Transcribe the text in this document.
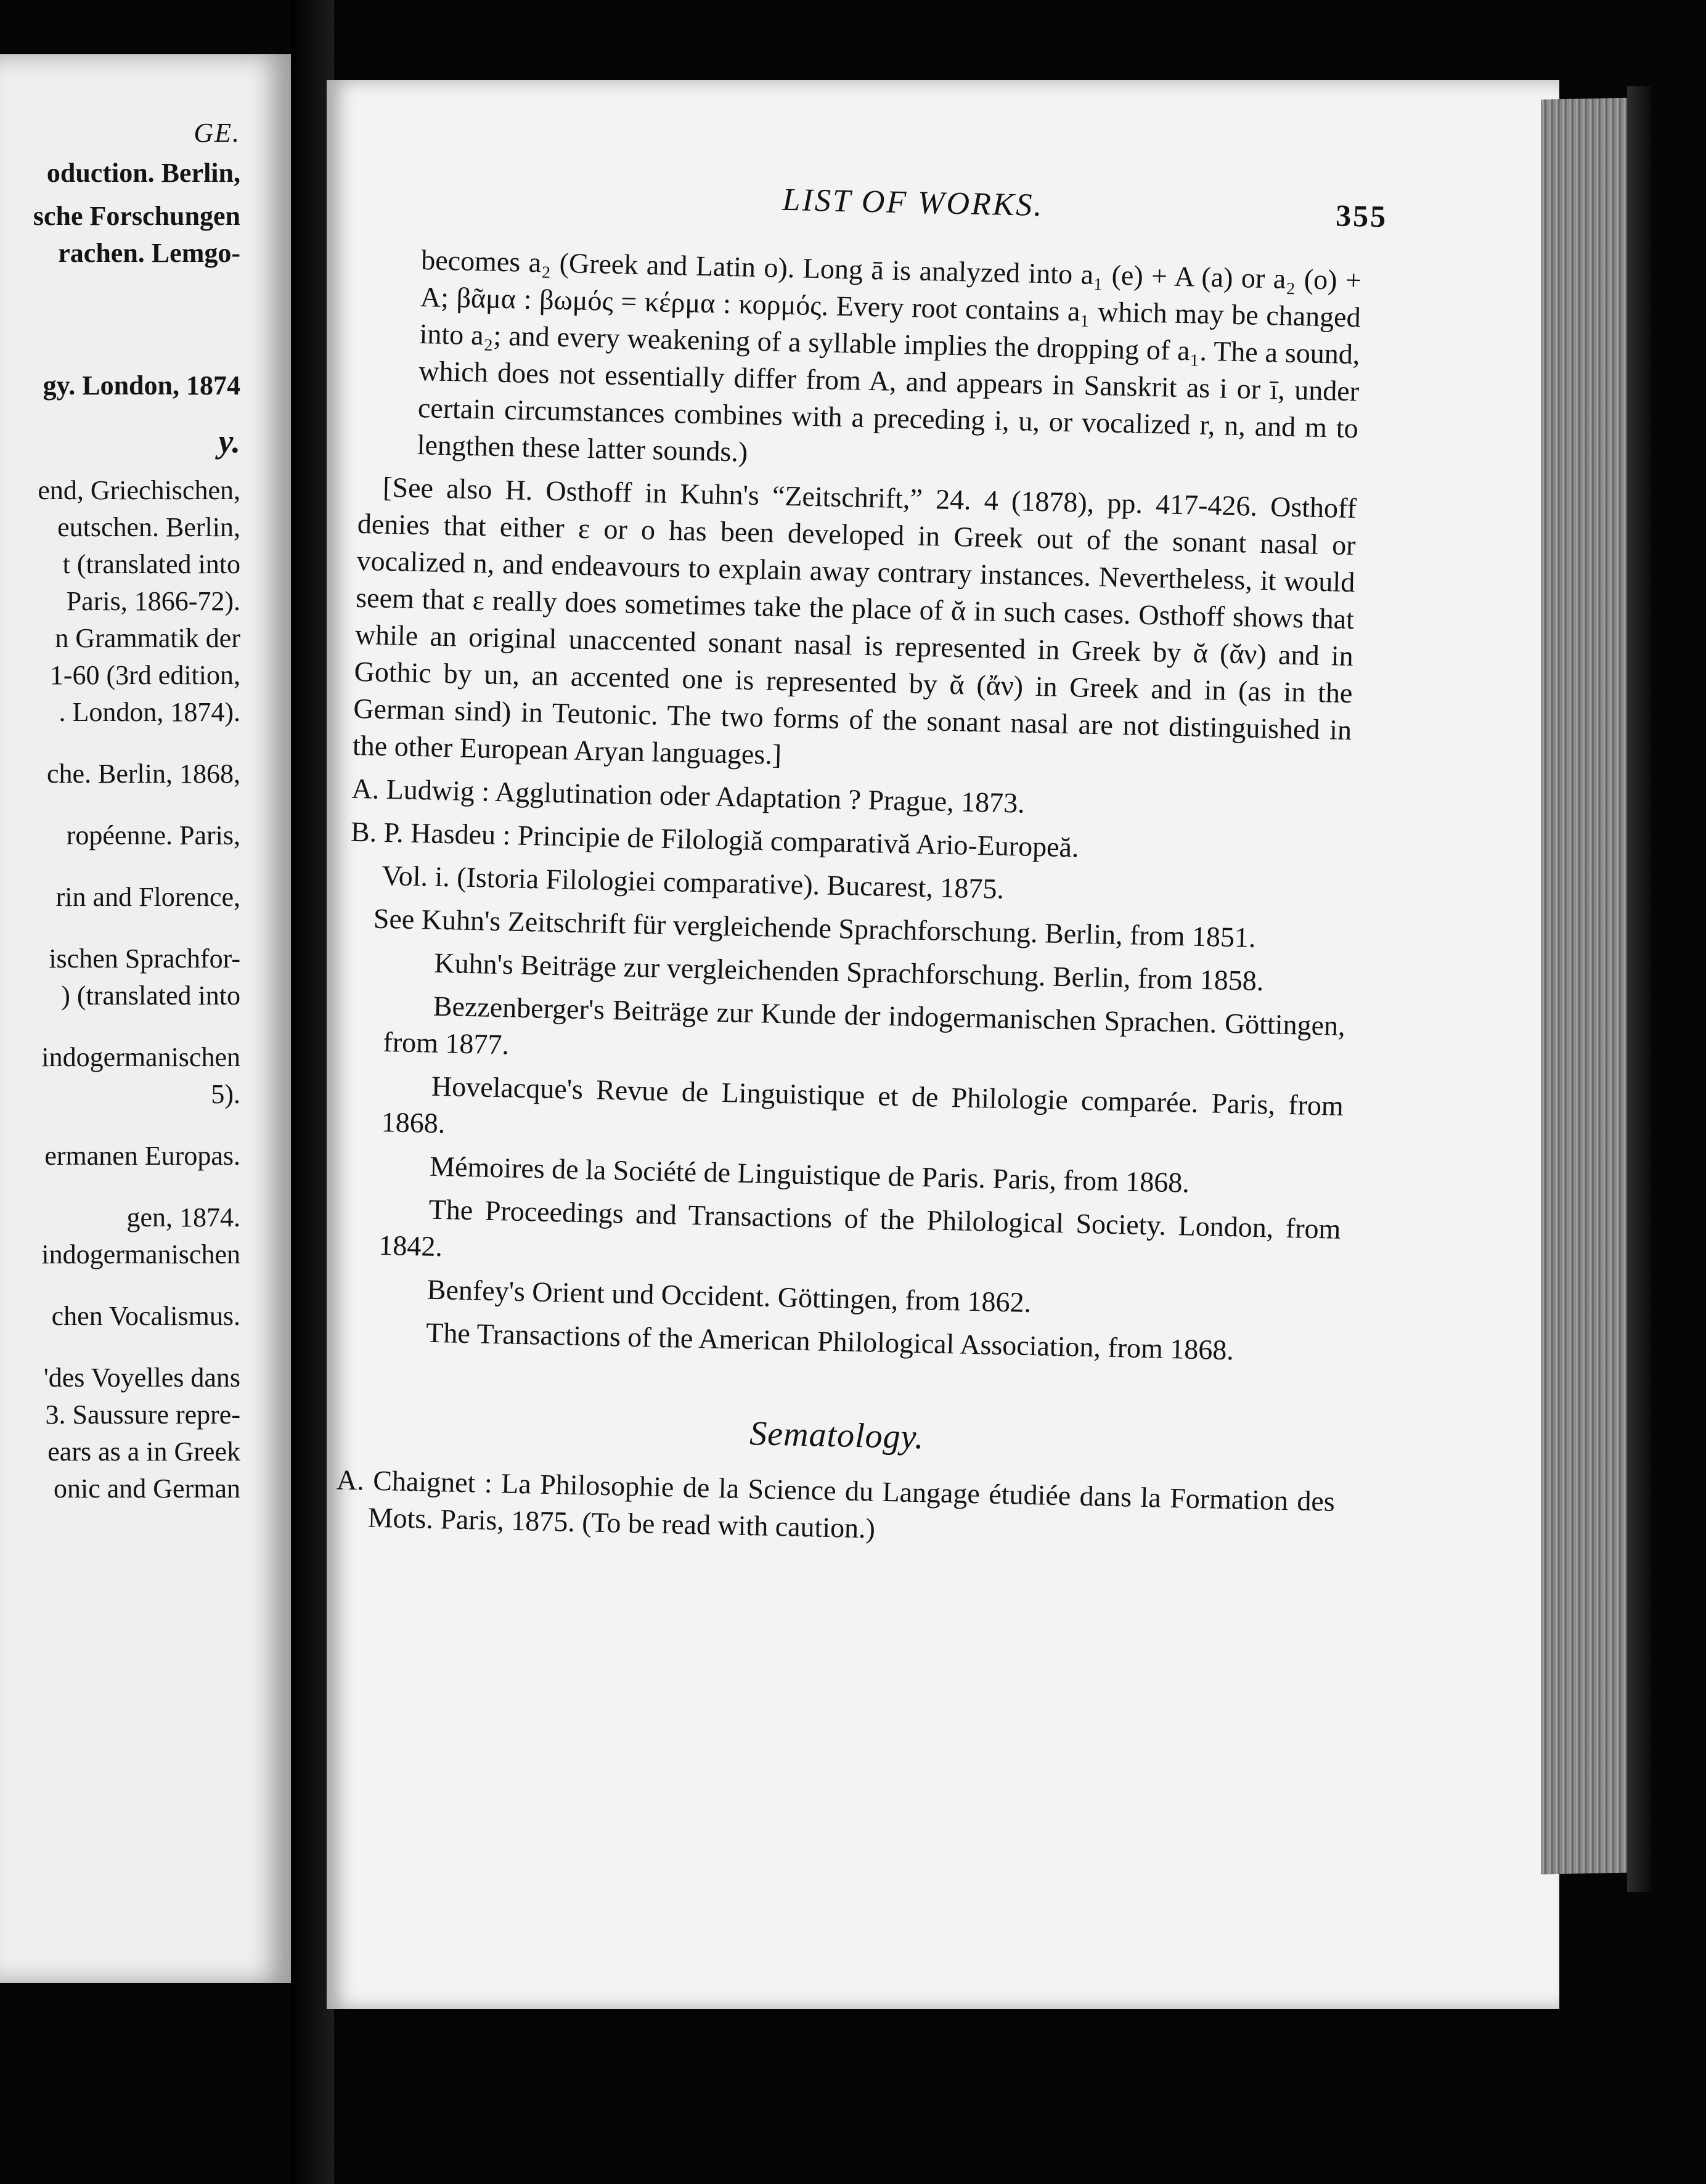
GE.
oduction. Berlin,
sche Forschungen
rachen. Lemgo-
gy. London, 1874
y.
end, Griechischen,
eutschen. Berlin,
t (translated into
Paris, 1866-72).
n Grammatik der
1-60 (3rd edition,
. London, 1874).
che. Berlin, 1868,
ropéenne. Paris,
rin and Florence,
ischen Sprachfor-
) (translated into
indogermanischen
5).
ermanen Europas.
gen, 1874.
indogermanischen
chen Vocalismus.
'des Voyelles dans
3. Saussure repre-
ears as a in Greek
onic and German
LIST OF WORKS.	355

becomes a₂ (Greek and Latin o). Long ā is analyzed into a₁ (e) + A (a) or a₂ (o) + A; βᾶμα : βωμός = κέρμα : κορμός. Every root contains a₁ which may be changed into a₂; and every weakening of a syllable implies the dropping of a₁. The a sound, which does not essentially differ from A, and appears in Sanskrit as i or ī, under certain circumstances combines with a preceding i, u, or vocalized r, n, and m to lengthen these latter sounds.)

[See also H. Osthoff in Kuhn's “Zeitschrift,” 24. 4 (1878), pp. 417-426. Osthoff denies that either ε or ο has been developed in Greek out of the sonant nasal or vocalized n, and endeavours to explain away contrary instances. Nevertheless, it would seem that ε really does sometimes take the place of ᾰ in such cases. Osthoff shows that while an original unaccented sonant nasal is represented in Greek by ᾰ (ᾰν) and in Gothic by un, an accented one is represented by ᾰ (ἄν) in Greek and in (as in the German sind) in Teutonic. The two forms of the sonant nasal are not distinguished in the other European Aryan languages.]

A. Ludwig : Agglutination oder Adaptation ? Prague, 1873.

B. P. Hasdeu : Principie de Filologiă comparativă Ario-Europeă.

Vol. i. (Istoria Filologiei comparative). Bucarest, 1875.

See Kuhn's Zeitschrift für vergleichende Sprachforschung. Berlin, from 1851.

Kuhn's Beiträge zur vergleichenden Sprachforschung. Berlin, from 1858.

Bezzenberger's Beiträge zur Kunde der indogermanischen Sprachen. Göttingen, from 1877.

Hovelacque's Revue de Linguistique et de Philologie comparée. Paris, from 1868.

Mémoires de la Société de Linguistique de Paris. Paris, from 1868.

The Proceedings and Transactions of the Philological Society. London, from 1842.

Benfey's Orient und Occident. Göttingen, from 1862.

The Transactions of the American Philological Association, from 1868.

Sematology.

A. Chaignet : La Philosophie de la Science du Langage étudiée dans la Formation des Mots. Paris, 1875. (To be read with caution.)
